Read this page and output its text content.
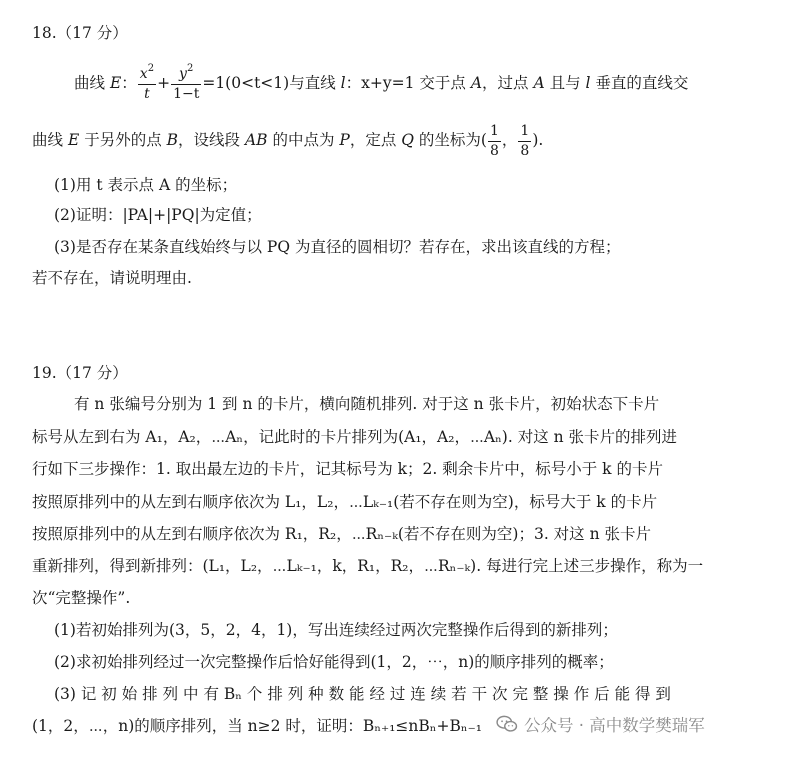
18.（17 分）
曲线 E： $\frac{x^2}{t} + \frac{y^2}{1-t} =1(0<t<1)$与直线 l：x+y=1 交于点 A，过点 A 且与 l 垂直的直线交
曲线 E 于另外的点 B，设线段 AB 的中点为 P，定点 Q 的坐标为( $\frac{1}{8}$ ， $\frac{1}{8}$ ).
(1)用 t 表示点 A 的坐标；
(2)证明：|PA|+|PQ|为定值；
(3)是否存在某条直线始终与以 PQ 为直径的圆相切？若存在，求出该直线的方程；
若不存在，请说明理由.
19.（17 分）
有 n 张编号分别为 1 到 n 的卡片，横向随机排列. 对于这 n 张卡片，初始状态下卡片
标号从左到右为 A₁，A₂，⋯Aₙ，记此时的卡片排列为(A₁，A₂，⋯Aₙ). 对这 n 张卡片的排列进
行如下三步操作：1. 取出最左边的卡片，记其标号为 k；2. 剩余卡片中，标号小于 k 的卡片
按照原排列中的从左到右顺序依次为 L₁，L₂，⋯Lₖ₋₁(若不存在则为空)，标号大于 k 的卡片
按照原排列中的从左到右顺序依次为 R₁，R₂，⋯Rₙ₋ₖ(若不存在则为空)；3. 对这 n 张卡片
重新排列，得到新排列：(L₁，L₂，⋯Lₖ₋₁，k，R₁，R₂，⋯Rₙ₋ₖ). 每进行完上述三步操作，称为一
次“完整操作”.
(1)若初始排列为(3，5，2，4，1)，写出连续经过两次完整操作后得到的新排列；
(2)求初始排列经过一次完整操作后恰好能得到(1，2，⋯，n)的顺序排列的概率；
(3) 记 初 始 排 列 中 有 Bₙ 个 排 列 种 数 能 经 过 连 续 若 干 次 完 整 操 作 后 能 得 到
(1，2，⋯，n)的顺序排列，当 n≥2 时，证明：Bₙ₊₁≤nBₙ+Bₙ₋₁	公众号 · 高中数学樊瑞军
